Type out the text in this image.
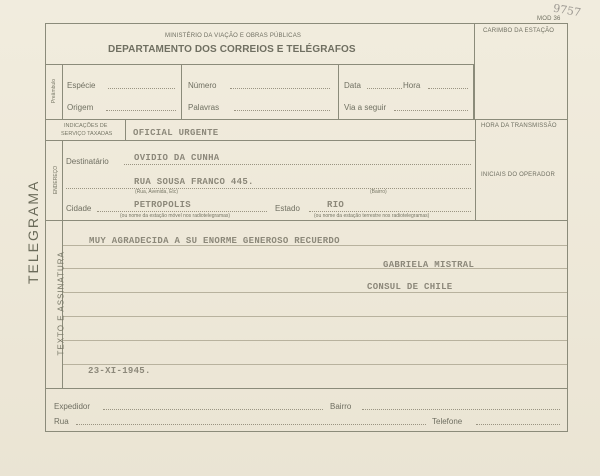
9757
MOD 36
MINISTÉRIO DA VIAÇÃO E OBRAS PÚBLICAS
DEPARTAMENTO DOS CORREIOS E TELÉGRAFOS
CARIMBO DA ESTAÇÃO
TELEGRAMA
Preâmbulo Espécie	Número	Data	Hora
Origem	Palavras	Via a seguir
INDICAÇÕES DE
SERVIÇO TAXADAS OFICIAL URGENTE
HORA DA TRANSMISSÃO
INICIAIS DO OPERADOR
ENDEREÇO
Destinatário	OVIDIO DA CUNHA
RUA SOUSA FRANCO 445.
(Rua, Avenida, Etc)	(Bairro)
Cidade	PETROPOLIS
(ou nome da estação móvel nos radiotelegramas)
Estado	RIO
(ou nome da estação terrestre nos radiotelegramas)
TEXTO E ASSINATURA
MUY AGRADECIDA A SU ENORME GENEROSO RECUERDO
GABRIELA MISTRAL
CONSUL DE CHILE
23-XI-1945.
Expedidor	Bairro
Rua	Telefone
